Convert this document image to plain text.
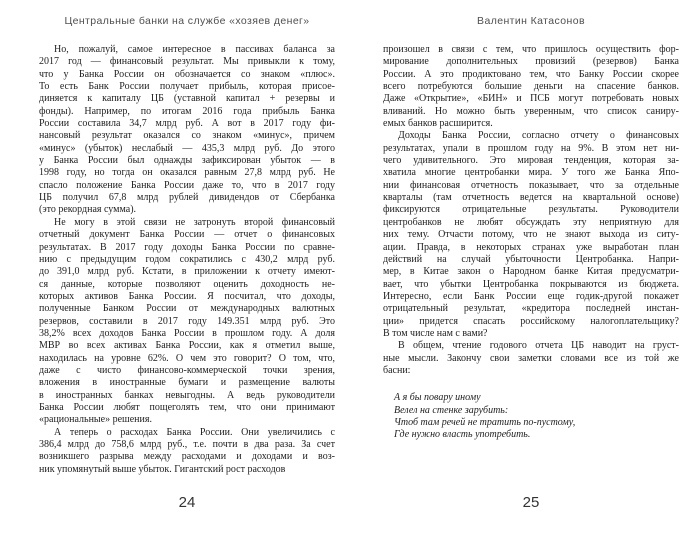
Центральные банки на службе «хозяев денег»

Но, пожалуй, самое интересное в пассивах баланса за
2017 год — финансовый результат. Мы привыкли к тому,
что у Банка России он обозначается со знаком «плюс».
То есть Банк России получает прибыль, которая присое-
диняется к капиталу ЦБ (уставной капитал + резервы и
фонды). Например, по итогам 2016 года прибыль Банка
России составила 34,7 млрд руб. А вот в 2017 году фи-
нансовый результат оказался со знаком «минус», причем
«минус» (убыток) неслабый — 435,3 млрд руб. До этого
у Банка России был однажды зафиксирован убыток — в
1998 году, но тогда он оказался равным 27,8 млрд руб. Не
спасло положение Банка России даже то, что в 2017 году
ЦБ получил 67,8 млрд рублей дивидендов от Сбербанка
(это рекордная сумма).

Не могу в этой связи не затронуть второй финансовый
отчетный документ Банка России — отчет о финансовых
результатах. В 2017 году доходы Банка России по сравне-
нию с предыдущим годом сократились с 430,2 млрд руб.
до 391,0 млрд руб. Кстати, в приложении к отчету имеют-
ся данные, которые позволяют оценить доходность не-
которых активов Банка России. Я посчитал, что доходы,
полученные Банком России от международных валютных
резервов, составили в 2017 году 149.351 млрд руб. Это
38,2% всех доходов Банка России в прошлом году. А доля
МВР во всех активах Банка России, как я отметил выше,
находилась на уровне 62%. О чем это говорит? О том, что,
даже с чисто финансово-коммерческой точки зрения,
вложения в иностранные бумаги и размещение валюты
в иностранных банках невыгодны. А ведь руководители
Банка России любят пощеголять тем, что они принимают
«рациональные» решения.

А теперь о расходах Банка России. Они увеличились с
386,4 млрд до 758,6 млрд руб., т.е. почти в два раза. За счет
возникшего разрыва между расходами и доходами и воз-
ник упомянутый выше убыток. Гигантский рост расходов

24
Валентин Катасонов

произошел в связи с тем, что пришлось осуществить фор-
мирование дополнительных провизий (резервов) Банка
России. А это продиктовано тем, что Банку России скорее
всего потребуются большие деньги на спасение банков.
Даже «Открытие», «БИН» и ПСБ могут потребовать новых
вливаний. Но можно быть уверенным, что список саниру-
емых банков расширится.

Доходы Банка России, согласно отчету о финансовых
результатах, упали в прошлом году на 9%. В этом нет ни-
чего удивительного. Это мировая тенденция, которая за-
хватила многие центробанки мира. У того же Банка Япо-
нии финансовая отчетность показывает, что за отдельные
кварталы (там отчетность ведется на квартальной основе)
фиксируются отрицательные результаты. Руководители
центробанков не любят обсуждать эту неприятную для
них тему. Отчасти потому, что не знают выхода из ситу-
ации. Правда, в некоторых странах уже выработан план
действий на случай убыточности Центробанка. Напри-
мер, в Китае закон о Народном банке Китая предусматри-
вает, что убытки Центробанка покрываются из бюджета.
Интересно, если Банк России еще годик-другой покажет
отрицательный результат, «кредитора последней инстан-
ции» придется спасать российскому налогоплательщику?
В том числе нам с вами?

В общем, чтение годового отчета ЦБ наводит на груст-
ные мысли. Закончу свои заметки словами все из той же
басни:

А я бы повару иному
Велел на стенке зарубить:
Чтоб там речей не тратить по-пустому,
Где нужно власть употребить.

25
